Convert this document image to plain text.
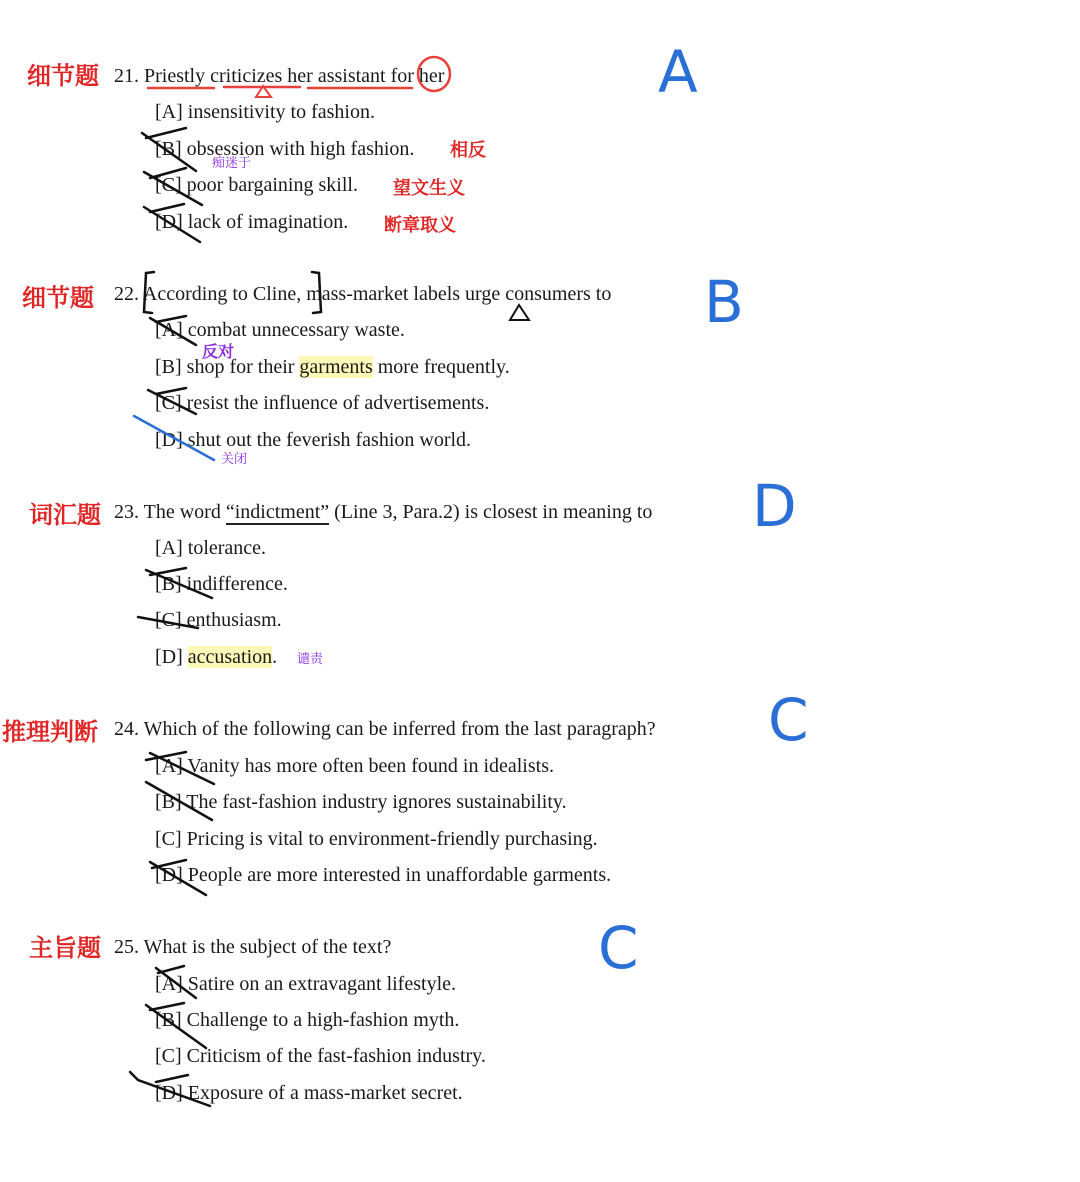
细节题 21. Priestly criticizes her assistant for her
[A] insensitivity to fashion.
[B] obsession with high fashion.
[C] poor bargaining skill.
[D] lack of imagination.
痴迷于
相反
望文生义
断章取义
A
细节题 22. According to Cline, mass-market labels urge consumers to
[A] combat unnecessary waste.
[B] shop for their garments more frequently.
[C] resist the influence of advertisements.
[D] shut out the feverish fashion world.
反对
关闭
B
词汇题 23. The word “indictment” (Line 3, Para.2) is closest in meaning to
[A] tolerance.
[B] indifference.
[C] enthusiasm.
[D] accusation. 谴责
D
推理判断 24. Which of the following can be inferred from the last paragraph?
[A] Vanity has more often been found in idealists.
[B] The fast-fashion industry ignores sustainability.
[C] Pricing is vital to environment-friendly purchasing.
[D] People are more interested in unaffordable garments.
C
主旨题 25. What is the subject of the text?
[A] Satire on an extravagant lifestyle.
[B] Challenge to a high-fashion myth.
[C] Criticism of the fast-fashion industry.
[D] Exposure of a mass-market secret.
C
